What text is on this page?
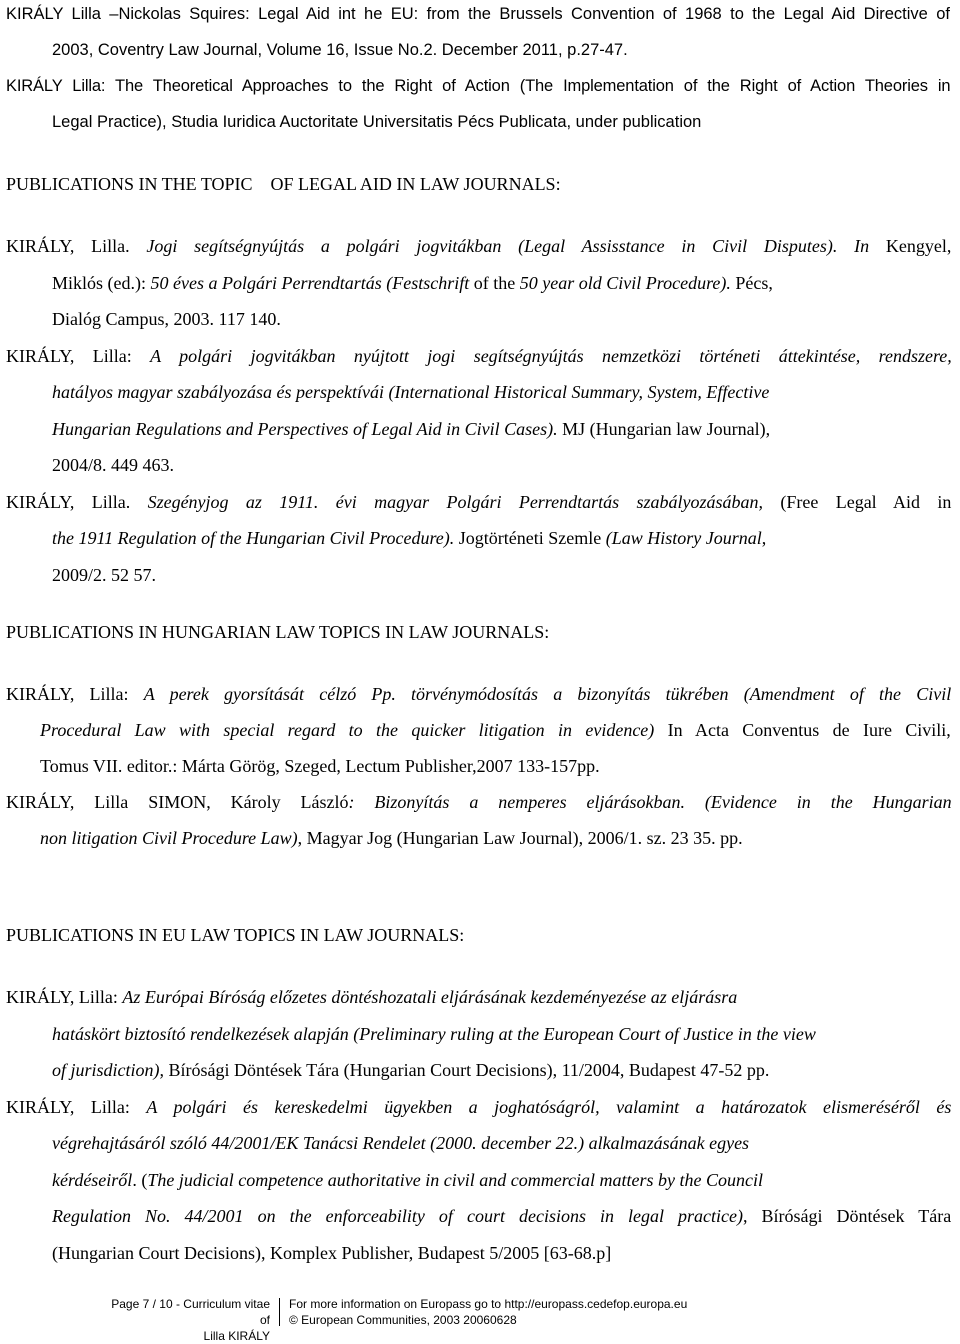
KIRÁLY Lilla –Nickolas Squires: Legal Aid int he EU: from the Brussels Convention of 1968 to the Legal Aid Directive of
2003, Coventry Law Journal, Volume 16, Issue No.2. December 2011, p.27-47.
KIRÁLY Lilla: The Theoretical Approaches to the Right of Action (The Implementation of the Right of Action Theories in
Legal Practice), Studia Iuridica Auctoritate Universitatis Pécs Publicata, under publication
PUBLICATIONS IN THE TOPIC    OF LEGAL AID IN LAW JOURNALS:
KIRÁLY, Lilla. Jogi segítségnyújtás a polgári jogvitákban (Legal Assisstance in Civil Disputes). In Kengyel,
Miklós (ed.): 50 éves a Polgári Perrendtartás (Festschrift of the 50 year old Civil Procedure). Pécs,
Dialóg Campus, 2003. 117 140.
KIRÁLY, Lilla: A polgári jogvitákban nyújtott jogi segítségnyújtás nemzetközi történeti áttekintése, rendszere,
hatályos magyar szabályozása és perspektívái (International Historical Summary, System, Effective
Hungarian Regulations and Perspectives of Legal Aid in Civil Cases). MJ (Hungarian law Journal),
2004/8. 449 463.
KIRÁLY, Lilla. Szegényjog az 1911. évi magyar Polgári Perrendtartás szabályozásában, (Free Legal Aid in
the 1911 Regulation of the Hungarian Civil Procedure). Jogtörténeti Szemle (Law History Journal,
2009/2. 52 57.
PUBLICATIONS IN HUNGARIAN LAW TOPICS IN LAW JOURNALS:
KIRÁLY, Lilla: A perek gyorsítását célzó Pp. törvénymódosítás a bizonyítás tükrében (Amendment of the Civil
Procedural Law with special regard to the quicker litigation in evidence) In Acta Conventus de Iure Civili,
Tomus VII. editor.: Márta Görög, Szeged, Lectum Publisher,2007 133-157pp.
KIRÁLY, Lilla SIMON, Károly László: Bizonyítás a nemperes eljárásokban. (Evidence in the Hungarian
non litigation Civil Procedure Law), Magyar Jog (Hungarian Law Journal), 2006/1. sz. 23 35. pp.
PUBLICATIONS IN EU LAW TOPICS IN LAW JOURNALS:
KIRÁLY, Lilla: Az Európai Bíróság előzetes döntéshozatali eljárásának kezdeményezése az eljárásra
hatáskört biztosító rendelkezések alapján (Preliminary ruling at the European Court of Justice in the view
of jurisdiction), Bírósági Döntések Tára (Hungarian Court Decisions), 11/2004, Budapest 47-52 pp.
KIRÁLY, Lilla: A polgári és kereskedelmi ügyekben a joghatóságról, valamint a határozatok elismeréséről és
végrehajtásáról szóló 44/2001/EK Tanácsi Rendelet (2000. december 22.) alkalmazásának egyes
kérdéseiről. (The judicial competence authoritative in civil and commercial matters by the Council
Regulation No. 44/2001 on the enforceability of court decisions in legal practice), Bírósági Döntések Tára
(Hungarian Court Decisions), Komplex Publisher, Budapest 5/2005 [63-68.p]
Page 7 / 10 - Curriculum vitae of
Lilla KIRÁLY
For more information on Europass go to http://europass.cedefop.europa.eu
© European Communities, 2003 20060628
